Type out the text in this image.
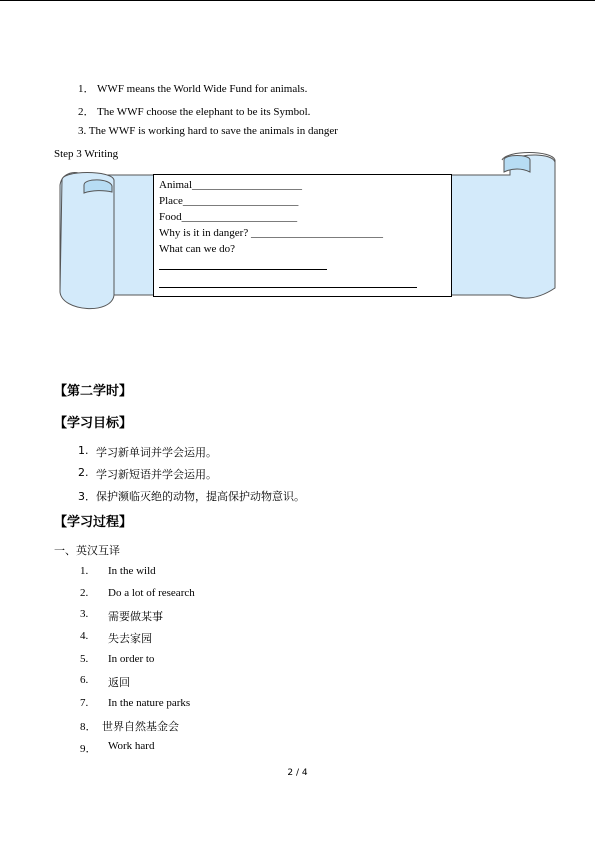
1． WWF means the World Wide Fund for animals.
2． The WWF choose the elephant to be its Symbol.
3. The WWF is working hard to save the animals in danger
Step 3 Writing
Animal____________________
Place_____________________
Food_____________________
Why is it in danger? ________________________
What can we do?
【第二学时】
【学习目标】
1. 学习新单词并学会运用。
2. 学习新短语并学会运用。
3． 保护濒临灭绝的动物，提高保护动物意识。
【学习过程】
一、英汉互译
1. In the wild
2. Do a lot of research
3. 需要做某事
4. 失去家园
5. In order to
6. 返回
7. In the nature parks
8． 世界自然基金会
9． Work hard
2 / 4
